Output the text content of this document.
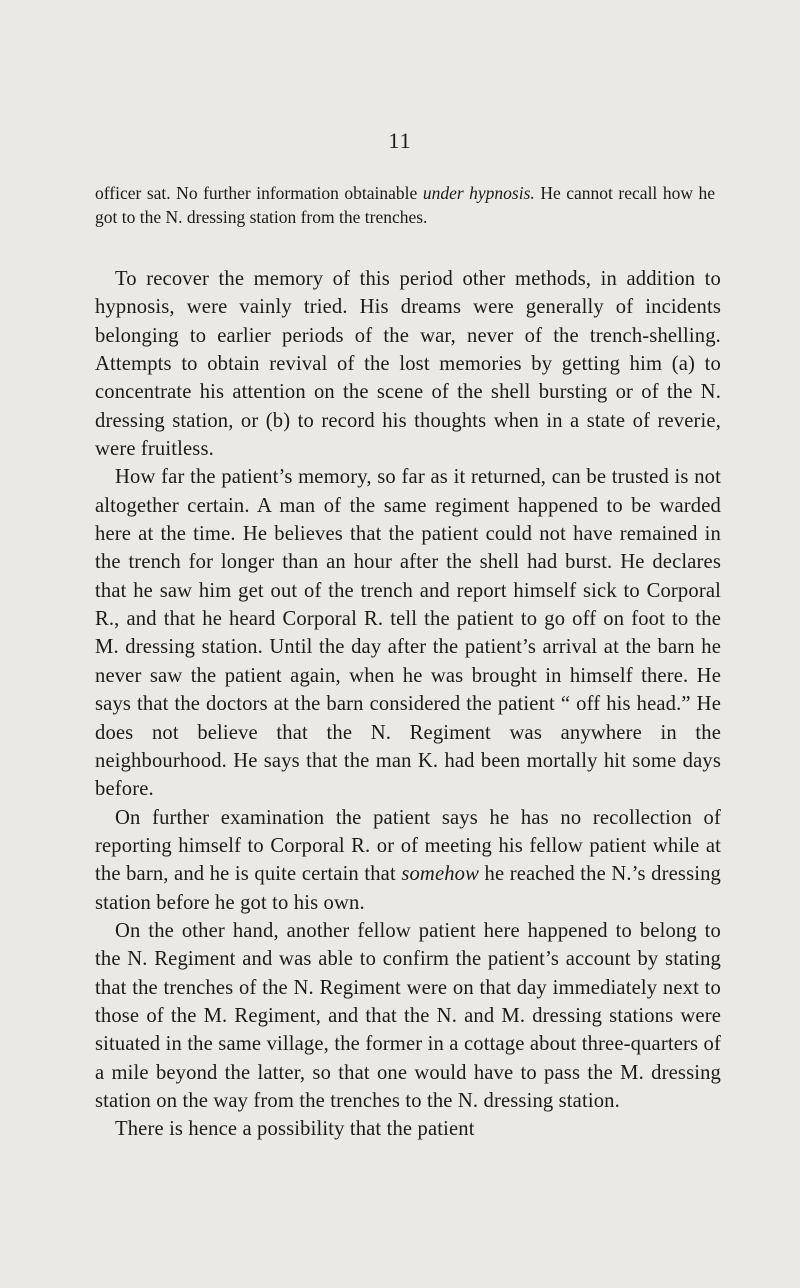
11

officer sat. No further information obtainable under hypnosis. He cannot recall how he got to the N. dressing station from the trenches.

To recover the memory of this period other methods, in addition to hypnosis, were vainly tried. His dreams were generally of incidents belonging to earlier periods of the war, never of the trench-shelling. Attempts to obtain revival of the lost memories by getting him (a) to concentrate his attention on the scene of the shell bursting or of the N. dressing station, or (b) to record his thoughts when in a state of reverie, were fruitless.

How far the patient’s memory, so far as it returned, can be trusted is not altogether certain. A man of the same regiment happened to be warded here at the time. He believes that the patient could not have remained in the trench for longer than an hour after the shell had burst. He declares that he saw him get out of the trench and report himself sick to Corporal R., and that he heard Corporal R. tell the patient to go off on foot to the M. dressing station. Until the day after the patient’s arrival at the barn he never saw the patient again, when he was brought in himself there. He says that the doctors at the barn considered the patient “ off his head.” He does not believe that the N. Regiment was anywhere in the neighbourhood. He says that the man K. had been mortally hit some days before.

On further examination the patient says he has no recollection of reporting himself to Corporal R. or of meeting his fellow patient while at the barn, and he is quite certain that somehow he reached the N.’s dressing station before he got to his own.

On the other hand, another fellow patient here happened to belong to the N. Regiment and was able to confirm the patient’s account by stating that the trenches of the N. Regiment were on that day immediately next to those of the M. Regiment, and that the N. and M. dressing stations were situated in the same village, the former in a cottage about three-quarters of a mile beyond the latter, so that one would have to pass the M. dressing station on the way from the trenches to the N. dressing station.

There is hence a possibility that the patient
